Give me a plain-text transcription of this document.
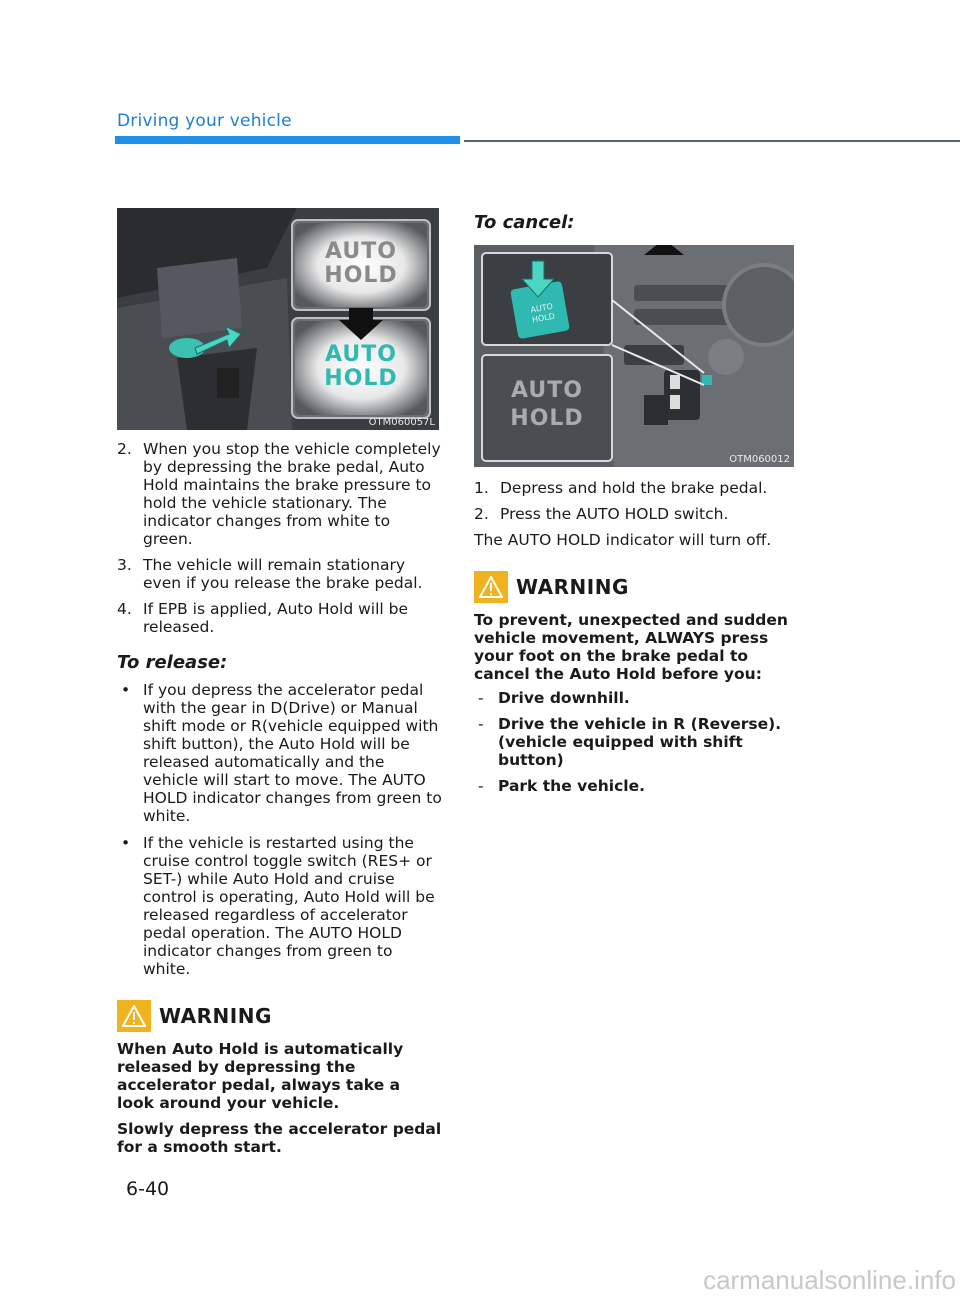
Driving your vehicle
AUTO
HOLD
AUTO
HOLD
OTM060057L
2. When you stop the vehicle completely by depressing the brake pedal, Auto Hold maintains the brake pressure to hold the vehicle stationary. The indicator changes from white to green.
3. The vehicle will remain stationary even if you release the brake pedal.
4. If EPB is applied, Auto Hold will be released.
To release:
• If you depress the accelerator pedal with the gear in D(Drive) or Manual shift mode or R(vehicle equipped with shift button), the Auto Hold will be released automatically and the vehicle will start to move. The AUTO HOLD indicator changes from green to white.
• If the vehicle is restarted using the cruise control toggle switch (RES+ or SET-) while Auto Hold and cruise control is operating, Auto Hold will be released regardless of accelerator pedal operation. The AUTO HOLD indicator changes from green to white.
WARNING

When Auto Hold is automatically released by depressing the accelerator pedal, always take a look around your vehicle.

Slowly depress the accelerator pedal for a smooth start.

To cancel:
AUTO
HOLD
AUTO
HOLD
OTM060012
1. Depress and hold the brake pedal.
2. Press the AUTO HOLD switch.

The AUTO HOLD indicator will turn off.

WARNING

To prevent, unexpected and sudden vehicle movement, ALWAYS press your foot on the brake pedal to cancel the Auto Hold before you:

- Drive downhill.
- Drive the vehicle in R (Reverse). (vehicle equipped with shift button)
- Park the vehicle.
6-40
carmanualsonline.info
